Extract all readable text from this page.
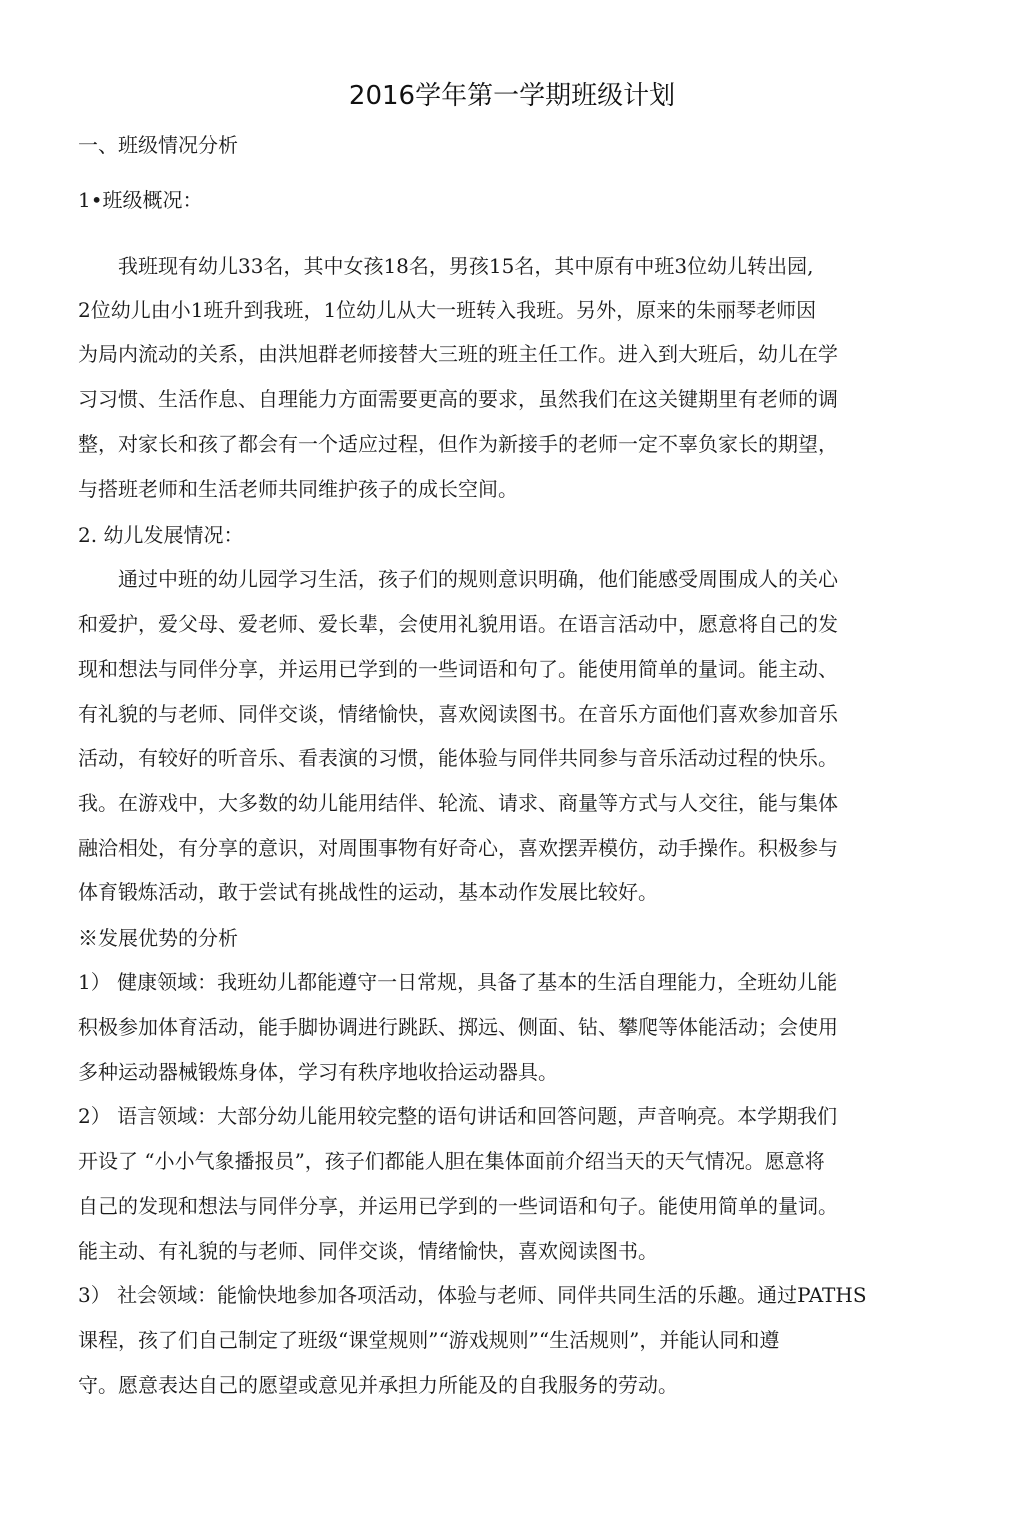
2016学年第一学期班级计划
一、班级情况分析
1•班级概况：
　　我班现有幼儿33名，其中女孩18名，男孩15名，其中原有中班3位幼儿转出园,
2位幼儿由小1班升到我班，1位幼儿从大一班转入我班。另外，原来的朱丽琴老师因
为局内流动的关系，由洪旭群老师接替大三班的班主任工作。进入到大班后，幼儿在学
习习惯、生活作息、自理能力方面需要更高的要求，虽然我们在这关键期里有老师的调
整，对家长和孩了都会有一个适应过程，但作为新接手的老师一定不辜负家长的期望，
与搭班老师和生活老师共同维护孩子的成长空间。
2. 幼儿发展情况：
　　通过中班的幼儿园学习生活，孩子们的规则意识明确，他们能感受周围成人的关心
和爱护，爱父母、爱老师、爱长辈，会使用礼貌用语。在语言活动中，愿意将自己的发
现和想法与同伴分享，并运用已学到的一些词语和句了。能使用简单的量词。能主动、
有礼貌的与老师、同伴交谈，情绪愉快，喜欢阅读图书。在音乐方面他们喜欢参加音乐
活动，有较好的听音乐、看表演的习惯，能体验与同伴共同参与音乐活动过程的快乐。
我。在游戏中，大多数的幼儿能用结伴、轮流、请求、商量等方式与人交往，能与集体
融洽相处，有分享的意识，对周围事物有好奇心，喜欢摆弄模仿，动手操作。积极参与
体育锻炼活动，敢于尝试有挑战性的运动，基本动作发展比较好。
※发展优势的分析
1） 健康领域：我班幼儿都能遵守一日常规，具备了基本的生活自理能力，全班幼儿能
积极参加体育活动，能手脚协调进行跳跃、掷远、侧面、钻、攀爬等体能活动；会使用
多种运动器械锻炼身体，学习有秩序地收拾运动器具。
2） 语言领域：大部分幼儿能用较完整的语句讲话和回答问题，声音响亮。本学期我们
开设了 “小小气象播报员”，孩子们都能人胆在集体面前介绍当天的天气情况。愿意将
自己的发现和想法与同伴分享，并运用已学到的一些词语和句子。能使用简单的量词。
能主动、有礼貌的与老师、同伴交谈，情绪愉快，喜欢阅读图书。
3） 社会领域：能愉快地参加各项活动，体验与老师、同伴共同生活的乐趣。通过PATHS
课程，孩了们自己制定了班级“课堂规则”“游戏规则”“生活规则”，并能认同和遵
守。愿意表达自己的愿望或意见并承担力所能及的自我服务的劳动。
